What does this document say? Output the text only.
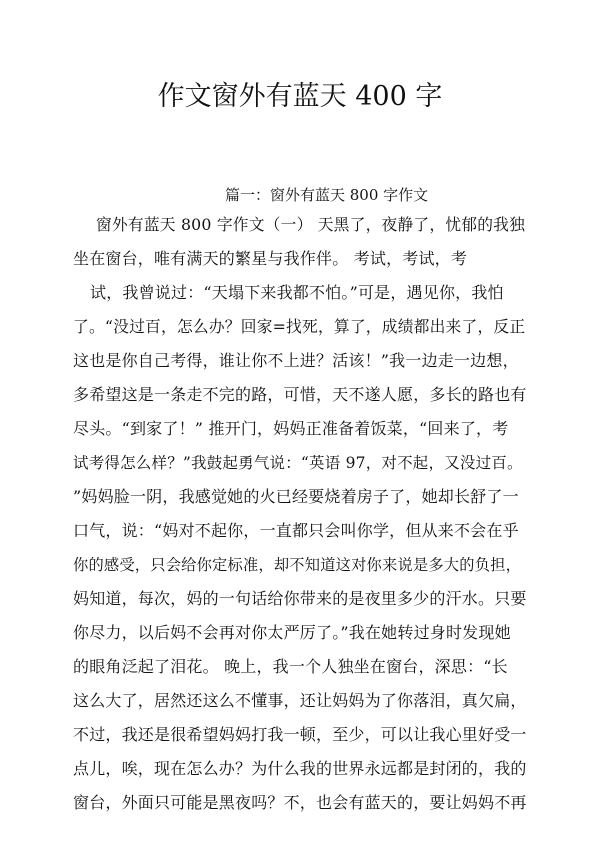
作文窗外有蓝天 400 字
篇一：窗外有蓝天 800 字作文
窗外有蓝天 800 字作文（一） 天黑了，夜静了，忧郁的我独
坐在窗台，唯有满天的繁星与我作伴。 考试，考试，考
试，我曾说过：“天塌下来我都不怕。”可是，遇见你，我怕
了。“没过百，怎么办？回家=找死，算了，成绩都出来了，反正
这也是你自己考得，谁让你不上进？活该！”我一边走一边想，
多希望这是一条走不完的路，可惜，天不遂人愿，多长的路也有
尽头。“到家了！” 推开门，妈妈正准备着饭菜，“回来了，考
试考得怎么样？”我鼓起勇气说：“英语 97，对不起，又没过百。
”妈妈脸一阴，我感觉她的火已经要烧着房子了，她却长舒了一
口气，说：“妈对不起你，一直都只会叫你学，但从来不会在乎
你的感受，只会给你定标准，却不知道这对你来说是多大的负担，
妈知道，每次，妈的一句话给你带来的是夜里多少的汗水。只要
你尽力，以后妈不会再对你太严厉了。”我在她转过身时发现她
的眼角泛起了泪花。 晚上，我一个人独坐在窗台，深思：“长
这么大了，居然还这么不懂事，还让妈妈为了你落泪，真欠扁，
不过，我还是很希望妈妈打我一顿，至少，可以让我心里好受一
点儿，唉，现在怎么办？为什么我的世界永远都是封闭的，我的
窗台，外面只可能是黑夜吗？不，也会有蓝天的，要让妈妈不再
